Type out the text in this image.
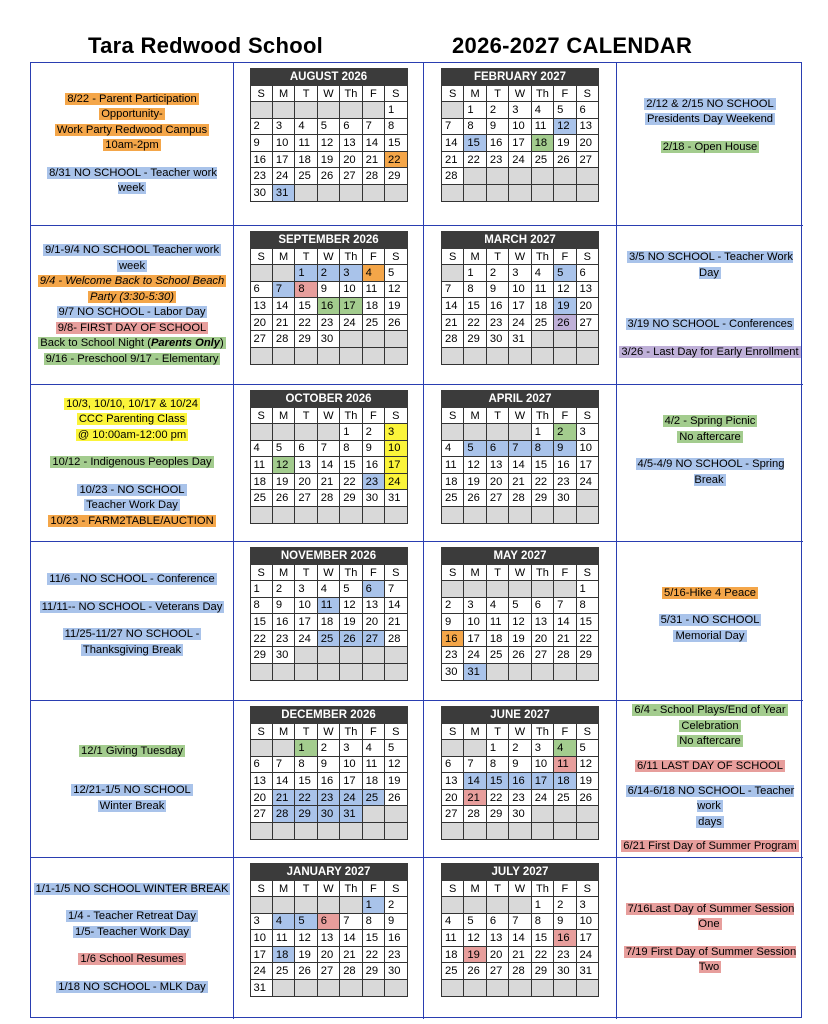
Tara Redwood School	2026-2027 CALENDAR
8/22 - Parent Participation
Opportunity-
Work Party Redwood Campus
10am-2pm
8/31 NO SCHOOL - Teacher work week
AUGUST 2026						
S	M	T	W	Th	F	S
						1
2	3	4	5	6	7	8
9	10	11	12	13	14	15
16	17	18	19	20	21	22
23	24	25	26	27	28	29
30	31					
FEBRUARY 2027						
S	M	T	W	Th	F	S
	1	2	3	4	5	6
7	8	9	10	11	12	13
14	15	16	17	18	19	20
21	22	23	24	25	26	27
28						

2/12 & 2/15 NO SCHOOL
Presidents Day Weekend
2/18 - Open House
9/1-9/4 NO SCHOOL Teacher work
week
9/4 - Welcome Back to School Beach
Party (3:30-5:30)
9/7 NO SCHOOL - Labor Day
9/8- FIRST DAY OF SCHOOL
Back to School Night (Parents Only)
9/16 - Preschool 9/17 - Elementary
SEPTEMBER 2026						
S	M	T	W	Th	F	S
		1	2	3	4	5
6	7	8	9	10	11	12
13	14	15	16	17	18	19
20	21	22	23	24	25	26
27	28	29	30			

MARCH 2027						
S	M	T	W	Th	F	S
	1	2	3	4	5	6
7	8	9	10	11	12	13
14	15	16	17	18	19	20
21	22	23	24	25	26	27
28	29	30	31			

3/5 NO SCHOOL - Teacher Work Day
3/19 NO SCHOOL - Conferences
3/26 - Last Day for Early Enrollment
10/3, 10/10, 10/17 & 10/24
CCC Parenting Class
@ 10:00am-12:00 pm
10/12 - Indigenous Peoples Day
10/23 - NO SCHOOL
Teacher Work Day
10/23 - FARM2TABLE/AUCTION
OCTOBER 2026						
S	M	T	W	Th	F	S
				1	2	3
4	5	6	7	8	9	10
11	12	13	14	15	16	17
18	19	20	21	22	23	24
25	26	27	28	29	30	31

APRIL 2027						
S	M	T	W	Th	F	S
				1	2	3
4	5	6	7	8	9	10
11	12	13	14	15	16	17
18	19	20	21	22	23	24
25	26	27	28	29	30	

4/2 - Spring Picnic
No aftercare
4/5-4/9 NO SCHOOL - Spring Break
11/6 - NO SCHOOL - Conference
11/11-- NO SCHOOL - Veterans Day
11/25-11/27 NO SCHOOL -
Thanksgiving Break
NOVEMBER 2026						
S	M	T	W	Th	F	S
1	2	3	4	5	6	7
8	9	10	11	12	13	14
15	16	17	18	19	20	21
22	23	24	25	26	27	28
29	30					

MAY 2027						
S	M	T	W	Th	F	S
						1
2	3	4	5	6	7	8
9	10	11	12	13	14	15
16	17	18	19	20	21	22
23	24	25	26	27	28	29
30	31					
5/16-Hike 4 Peace
5/31 - NO SCHOOL
Memorial Day
12/1 Giving Tuesday
12/21-1/5 NO SCHOOL
Winter Break
DECEMBER 2026						
S	M	T	W	Th	F	S
		1	2	3	4	5
6	7	8	9	10	11	12
13	14	15	16	17	18	19
20	21	22	23	24	25	26
27	28	29	30	31		

JUNE 2027						
S	M	T	W	Th	F	S
		1	2	3	4	5
6	7	8	9	10	11	12
13	14	15	16	17	18	19
20	21	22	23	24	25	26
27	28	29	30			

6/4 - School Plays/End of Year
Celebration
No aftercare
6/11 LAST DAY OF SCHOOL
6/14-6/18 NO SCHOOL - Teacher work
days
6/21 First Day of Summer Program
1/1-1/5 NO SCHOOL WINTER BREAK
1/4 - Teacher Retreat Day
1/5- Teacher Work Day
1/6 School Resumes
1/18 NO SCHOOL - MLK Day
JANUARY 2027						
S	M	T	W	Th	F	S
					1	2
3	4	5	6	7	8	9
10	11	12	13	14	15	16
17	18	19	20	21	22	23
24	25	26	27	28	29	30
31						
JULY 2027						
S	M	T	W	Th	F	S
				1	2	3
4	5	6	7	8	9	10
11	12	13	14	15	16	17
18	19	20	21	22	23	24
25	26	27	28	29	30	31

7/16Last Day of Summer Session One
7/19 First Day of Summer Session Two
